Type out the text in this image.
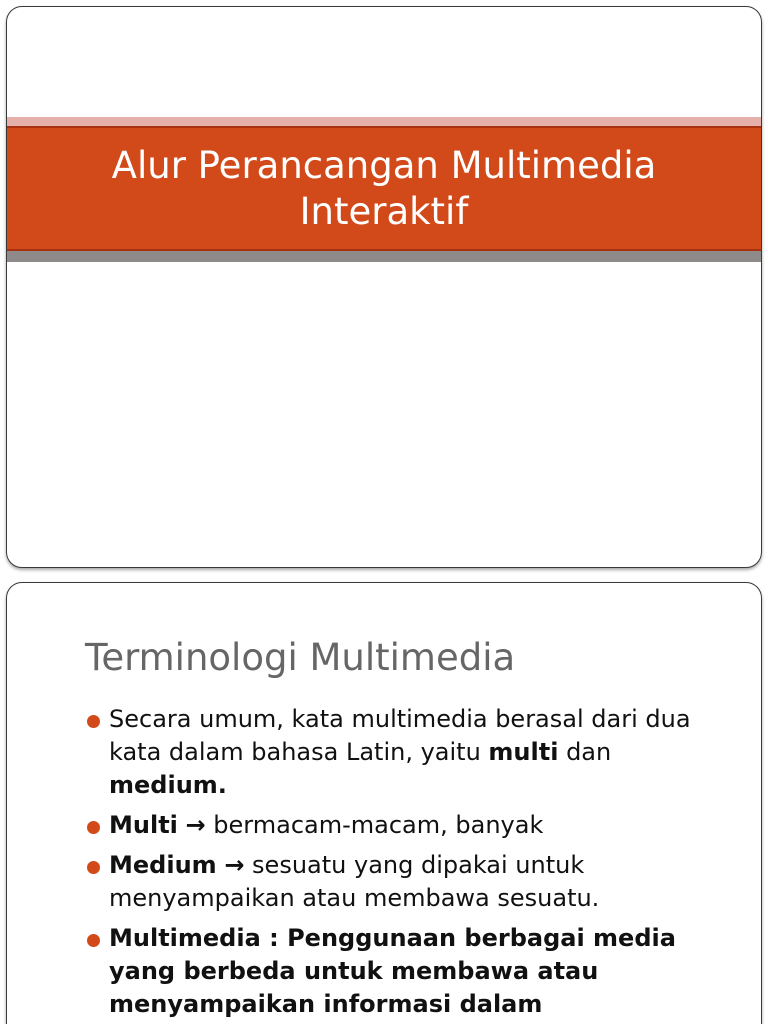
Alur Perancangan Multimedia
Interaktif
Terminologi Multimedia
Secara umum, kata multimedia berasal dari dua kata dalam bahasa Latin, yaitu multi dan medium.
Multi → bermacam-macam, banyak
Medium → sesuatu yang dipakai untuk menyampaikan atau membawa sesuatu.
Multimedia : Penggunaan berbagai media yang berbeda untuk membawa atau menyampaikan informasi dalam
